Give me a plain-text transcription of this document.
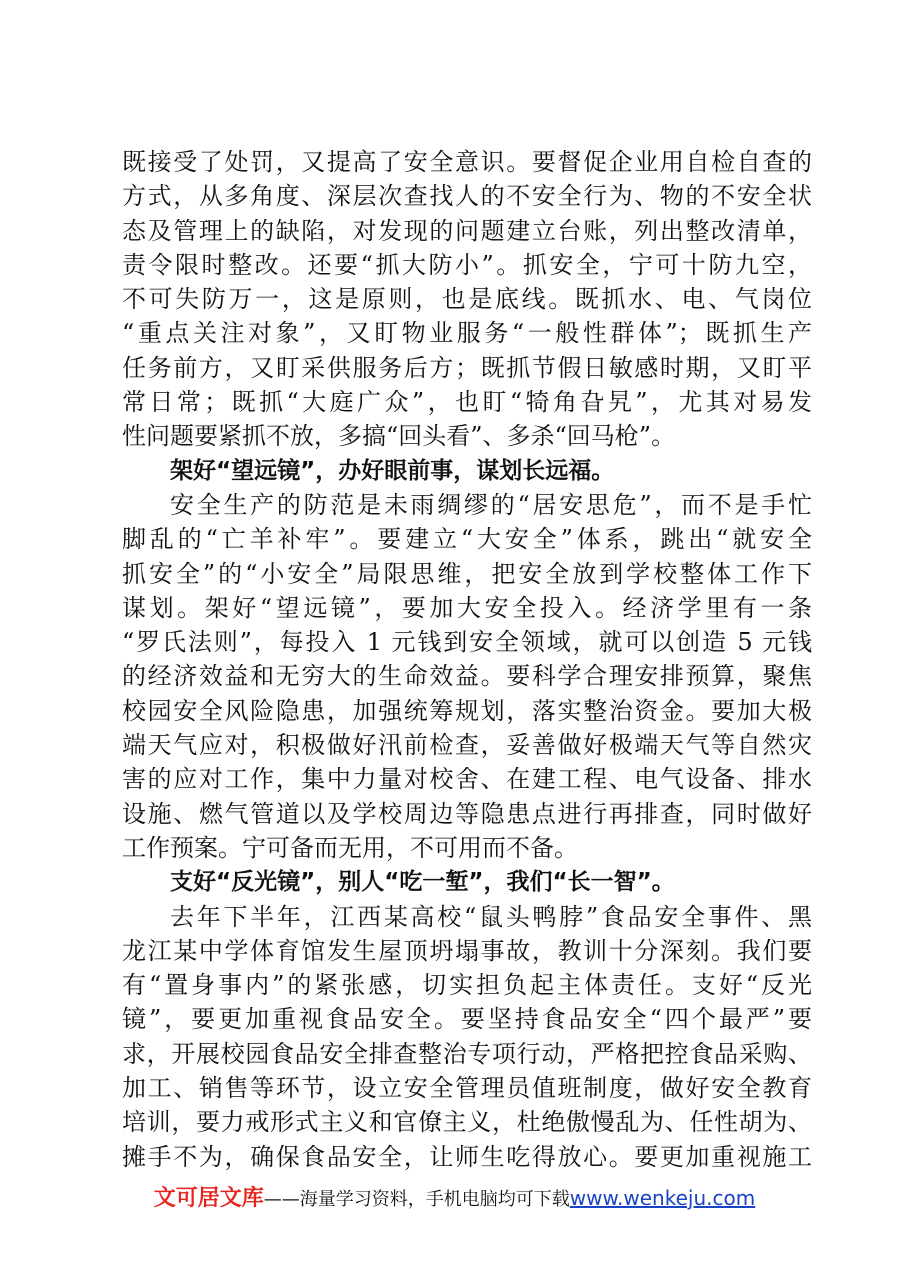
既接受了处罚，又提高了安全意识。要督促企业用自检自查的
方式，从多角度、深层次查找人的不安全行为、物的不安全状
态及管理上的缺陷，对发现的问题建立台账，列出整改清单，
责令限时整改。还要“抓大防小”。抓安全，宁可十防九空，
不可失防万一，这是原则，也是底线。既抓水、电、气岗位
“重点关注对象”，又盯物业服务“一般性群体”；既抓生产
任务前方，又盯采供服务后方；既抓节假日敏感时期，又盯平
常日常；既抓“大庭广众”，也盯“犄角旮旯”，尤其对易发
性问题要紧抓不放，多搞“回头看”、多杀“回马枪”。
架好“望远镜”，办好眼前事，谋划长远福。
安全生产的防范是未雨绸缪的“居安思危”，而不是手忙
脚乱的“亡羊补牢”。要建立“大安全”体系，跳出“就安全
抓安全”的“小安全”局限思维，把安全放到学校整体工作下
谋划。架好“望远镜”，要加大安全投入。经济学里有一条
“罗氏法则”，每投入 1 元钱到安全领域，就可以创造 5 元钱
的经济效益和无穷大的生命效益。要科学合理安排预算，聚焦
校园安全风险隐患，加强统筹规划，落实整治资金。要加大极
端天气应对，积极做好汛前检查，妥善做好极端天气等自然灾
害的应对工作，集中力量对校舍、在建工程、电气设备、排水
设施、燃气管道以及学校周边等隐患点进行再排查，同时做好
工作预案。宁可备而无用，不可用而不备。
支好“反光镜”，别人“吃一堑”，我们“长一智”。
去年下半年，江西某高校“鼠头鸭脖”食品安全事件、黑
龙江某中学体育馆发生屋顶坍塌事故，教训十分深刻。我们要
有“置身事内”的紧张感，切实担负起主体责任。支好“反光
镜”，要更加重视食品安全。要坚持食品安全“四个最严”要
求，开展校园食品安全排查整治专项行动，严格把控食品采购、
加工、销售等环节，设立安全管理员值班制度，做好安全教育
培训，要力戒形式主义和官僚主义，杜绝傲慢乱为、任性胡为、
摊手不为，确保食品安全，让师生吃得放心。要更加重视施工
文可居文库——海量学习资料，手机电脑均可下载www.wenkeju.com
